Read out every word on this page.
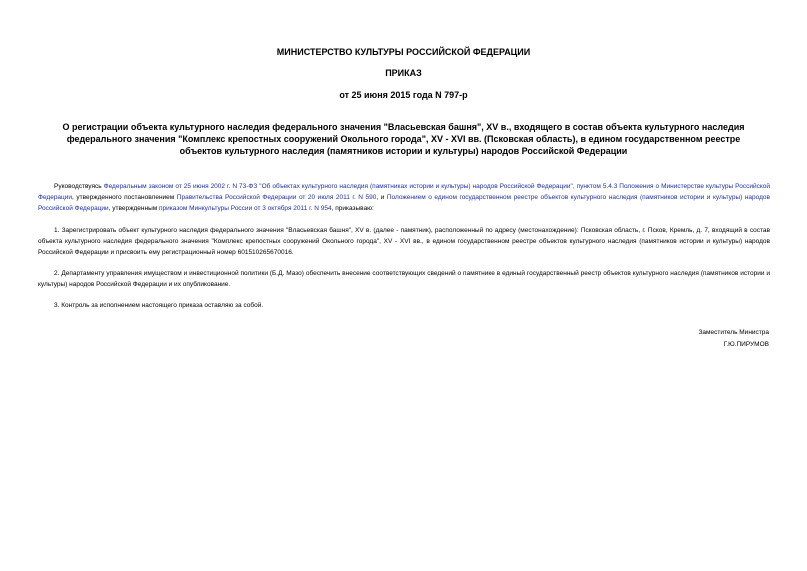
МИНИСТЕРСТВО КУЛЬТУРЫ РОССИЙСКОЙ ФЕДЕРАЦИИ

ПРИКАЗ

от 25 июня 2015 года N 797-р

О регистрации объекта культурного наследия федерального значения "Власьевская башня", XV в., входящего в состав объекта культурного наследия федерального значения "Комплекс крепостных сооружений Окольного города", XV - XVI вв. (Псковская область), в едином государственном реестре объектов культурного наследия (памятников истории и культуры) народов Российской Федерации

Руководствуясь Федеральным законом от 25 июня 2002 г. N 73-ФЗ "Об объектах культурного наследия (памятниках истории и культуры) народов Российской Федерации", пунктом 5.4.3 Положения о Министерстве культуры Российской Федерации, утвержденного постановлением Правительства Российской Федерации от 20 июля 2011 г. N 590, и Положением о едином государственном реестре объектов культурного наследия (памятников истории и культуры) народов Российской Федерации, утвержденным приказом Минкультуры России от 3 октября 2011 г. N 954, приказываю:

1. Зарегистрировать объект культурного наследия федерального значения "Власьевская башня", XV в. (далее - памятник), расположенный по адресу (местонахождение): Псковская область, г. Псков, Кремль, д. 7, входящий в состав объекта культурного наследия федерального значения "Комплекс крепостных сооружений Окольного города", XV - XVI вв., в едином государственном реестре объектов культурного наследия (памятников истории и культуры) народов Российской Федерации и присвоить ему регистрационный номер 601510265670016.

2. Департаменту управления имуществом и инвестиционной политики (Б.Д. Мазо) обеспечить внесение соответствующих сведений о памятнике в единый государственный реестр объектов культурного наследия (памятников истории и культуры) народов Российской Федерации и их опубликование.

3. Контроль за исполнением настоящего приказа оставляю за собой.

Заместитель Министра

Г.Ю.ПИРУМОВ
